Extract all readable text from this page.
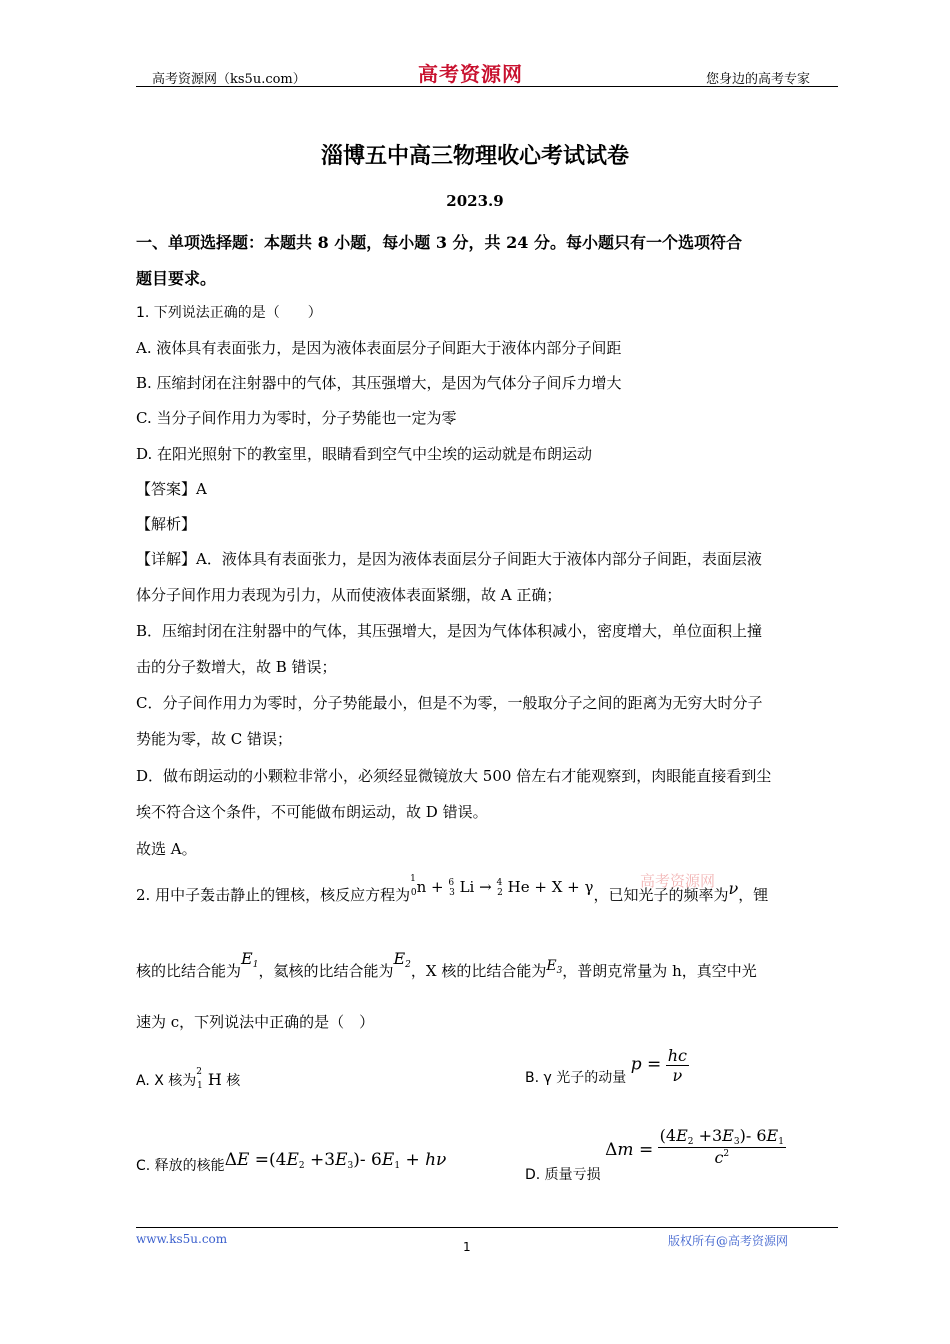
高考资源网（ks5u.com）	高考资源网	您身边的高考专家
淄博五中高三物理收心考试试卷
2023.9
一、单项选择题：本题共 8 小题，每小题 3 分，共 24 分。每小题只有一个选项符合
题目要求。
1. 下列说法正确的是（　　）
A. 液体具有表面张力，是因为液体表面层分子间距大于液体内部分子间距
B. 压缩封闭在注射器中的气体，其压强增大，是因为气体分子间斥力增大
C. 当分子间作用力为零时，分子势能也一定为零
D. 在阳光照射下的教室里，眼睛看到空气中尘埃的运动就是布朗运动
【答案】A
【解析】
【详解】A．液体具有表面张力，是因为液体表面层分子间距大于液体内部分子间距，表面层液
体分子间作用力表现为引力，从而使液体表面紧绷，故 A 正确；
B．压缩封闭在注射器中的气体，其压强增大，是因为气体体积减小，密度增大，单位面积上撞
击的分子数增大，故 B 错误；
C．分子间作用力为零时，分子势能最小，但是不为零，一般取分子之间的距离为无穷大时分子
势能为零，故 C 错误；
D．做布朗运动的小颗粒非常小，必须经显微镜放大 500 倍左右才能观察到，肉眼能直接看到尘
埃不符合这个条件，不可能做布朗运动，故 D 错误。
故选 A。
2. 用中子轰击静止的锂核，核反应方程为$^1_0$n + $^6_3$ Li → $^4_2$ He + X + γ，已知光子的频率为ν，锂
高考资源网
核的比结合能为$E_1$，氦核的比结合能为$E_2$，X 核的比结合能为$E_3$，普朗克常量为 h，真空中光
速为 c，下列说法中正确的是（　）
A. X 核为$^2_1$ H 核	B. γ 光子的动量 $p = \frac{hc}{\nu}$
C. 释放的核能$\Delta E =(4E_2 +3E_3)-$ $6E_1 + h\nu$
D. 质量亏损 $\Delta m = \frac{(4E_2 +3E_3)- 6E_1}{c^2}$
www.ks5u.com
1	版权所有@高考资源网
